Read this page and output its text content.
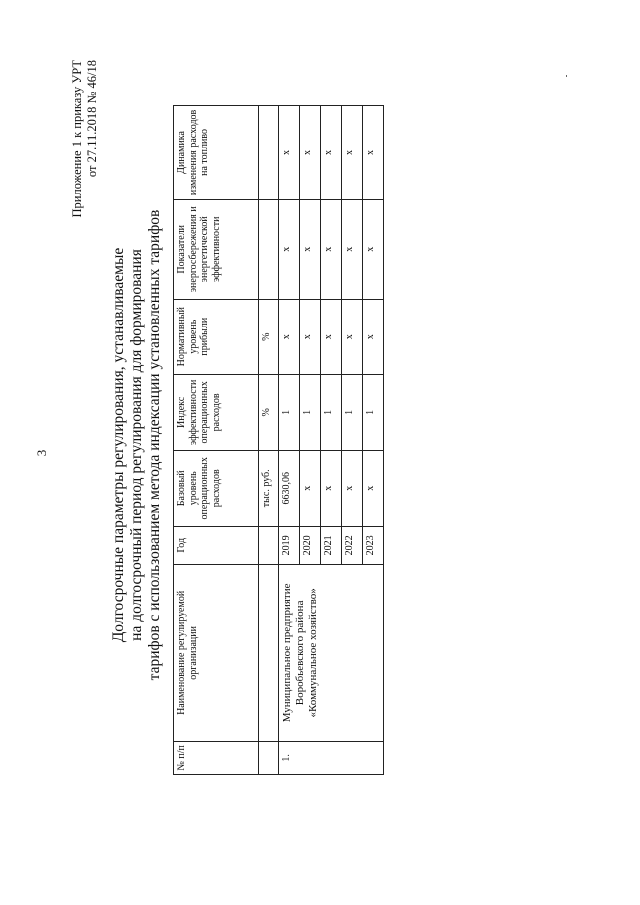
3
Приложение 1 к приказу УРТ от 27.11.2018 № 46/18
Долгосрочные параметры регулирования, устанавливаемые на долгосрочный период регулирования для формирования тарифов с использованием метода индексации установленных тарифов
№ п/п	Наименование регулируемой организации	Год	Базовый уровень операционных расходов	Индекс эффективности операционных расходов	Нормативный уровень прибыли	Показатели энергосбережения и энергетической эффективности	Динамика изменения расходов на топливо
			тыс. руб.	%	%		
1.	Муниципальное предприятие Воробьевского района «Коммунальное хозяйство»	2019	6630,06	1	х	х	х
		2020	х	1	х	х	х
		2021	х	1	х	х	х
		2022	х	1	х	х	х
		2023	х	1	х	х	х
